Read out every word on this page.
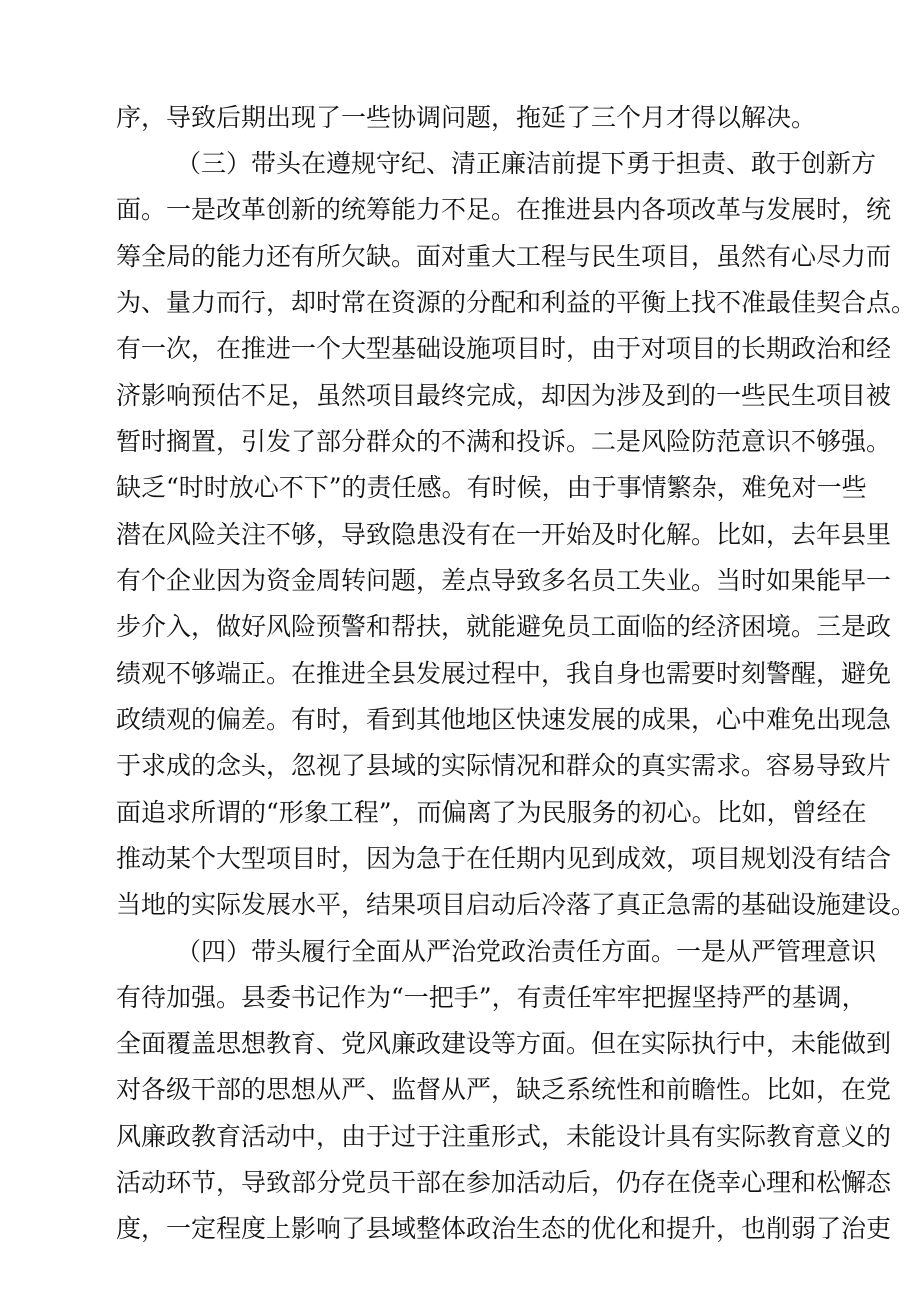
序，导致后期出现了一些协调问题，拖延了三个月才得以解决。
（三）带头在遵规守纪、清正廉洁前提下勇于担责、敢于创新方
面。一是改革创新的统筹能力不足。在推进县内各项改革与发展时，统
筹全局的能力还有所欠缺。面对重大工程与民生项目，虽然有心尽力而
为、量力而行，却时常在资源的分配和利益的平衡上找不准最佳契合点。
有一次，在推进一个大型基础设施项目时，由于对项目的长期政治和经
济影响预估不足，虽然项目最终完成，却因为涉及到的一些民生项目被
暂时搁置，引发了部分群众的不满和投诉。二是风险防范意识不够强。
缺乏“时时放心不下”的责任感。有时候，由于事情繁杂，难免对一些
潜在风险关注不够，导致隐患没有在一开始及时化解。比如，去年县里
有个企业因为资金周转问题，差点导致多名员工失业。当时如果能早一
步介入，做好风险预警和帮扶，就能避免员工面临的经济困境。三是政
绩观不够端正。在推进全县发展过程中，我自身也需要时刻警醒，避免
政绩观的偏差。有时，看到其他地区快速发展的成果，心中难免出现急
于求成的念头，忽视了县域的实际情况和群众的真实需求。容易导致片
面追求所谓的“形象工程”，而偏离了为民服务的初心。比如，曾经在
推动某个大型项目时，因为急于在任期内见到成效，项目规划没有结合
当地的实际发展水平，结果项目启动后冷落了真正急需的基础设施建设。
（四）带头履行全面从严治党政治责任方面。一是从严管理意识
有待加强。县委书记作为“一把手”，有责任牢牢把握坚持严的基调，
全面覆盖思想教育、党风廉政建设等方面。但在实际执行中，未能做到
对各级干部的思想从严、监督从严，缺乏系统性和前瞻性。比如，在党
风廉政教育活动中，由于过于注重形式，未能设计具有实际教育意义的
活动环节，导致部分党员干部在参加活动后，仍存在侥幸心理和松懈态
度，一定程度上影响了县域整体政治生态的优化和提升，也削弱了治吏
